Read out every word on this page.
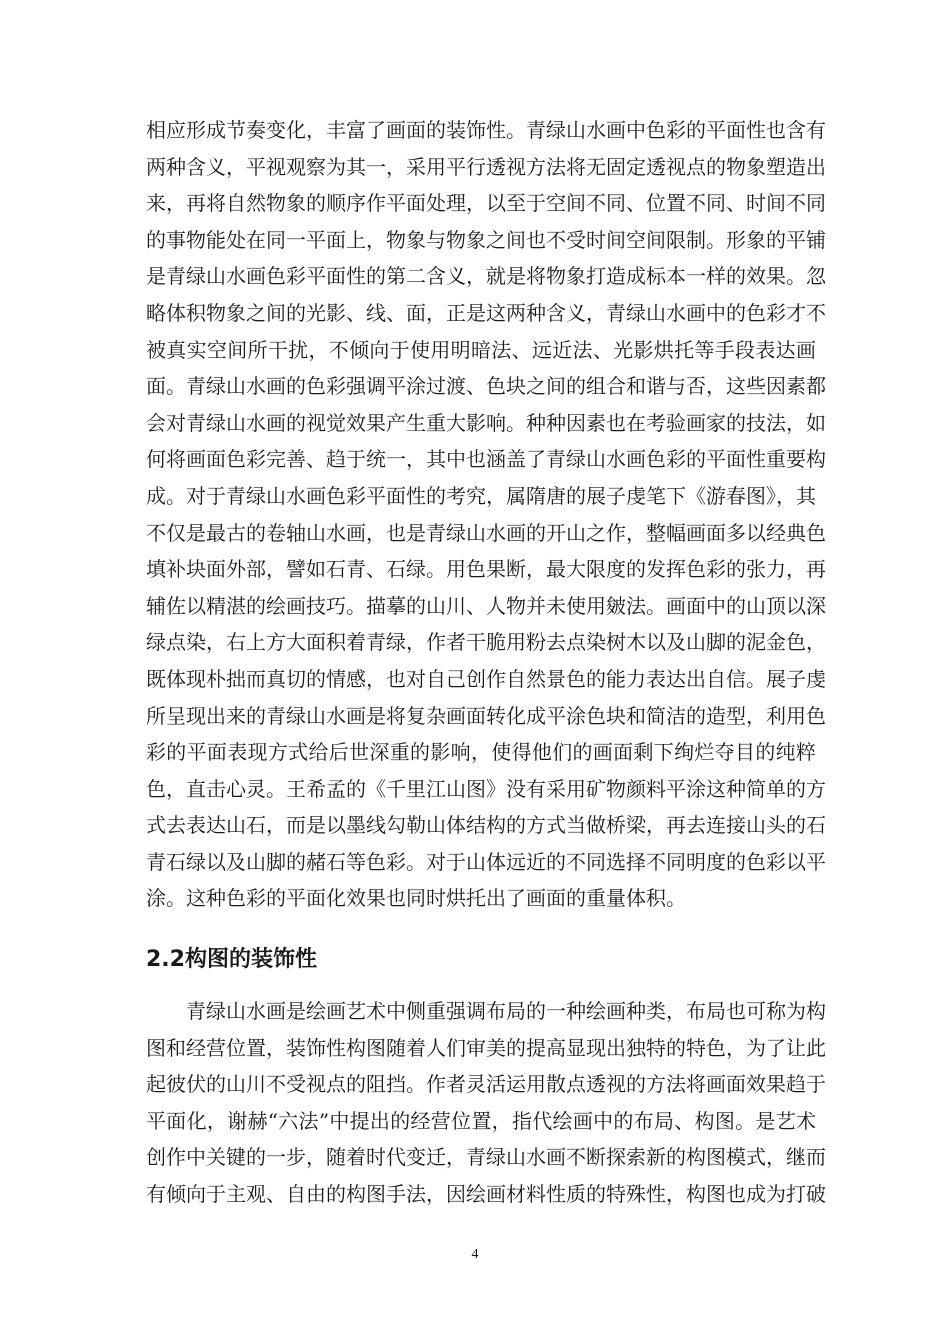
相应形成节奏变化，丰富了画面的装饰性。青绿山水画中色彩的平面性也含有
两种含义，平视观察为其一，采用平行透视方法将无固定透视点的物象塑造出
来，再将自然物象的顺序作平面处理，以至于空间不同、位置不同、时间不同
的事物能处在同一平面上，物象与物象之间也不受时间空间限制。形象的平铺
是青绿山水画色彩平面性的第二含义，就是将物象打造成标本一样的效果。忽
略体积物象之间的光影、线、面，正是这两种含义，青绿山水画中的色彩才不
被真实空间所干扰，不倾向于使用明暗法、远近法、光影烘托等手段表达画
面。青绿山水画的色彩强调平涂过渡、色块之间的组合和谐与否，这些因素都
会对青绿山水画的视觉效果产生重大影响。种种因素也在考验画家的技法，如
何将画面色彩完善、趋于统一，其中也涵盖了青绿山水画色彩的平面性重要构
成。对于青绿山水画色彩平面性的考究，属隋唐的展子虔笔下《游春图》，其
不仅是最古的卷轴山水画，也是青绿山水画的开山之作，整幅画面多以经典色
填补块面外部，譬如石青、石绿。用色果断，最大限度的发挥色彩的张力，再
辅佐以精湛的绘画技巧。描摹的山川、人物并未使用皴法。画面中的山顶以深
绿点染，右上方大面积着青绿，作者干脆用粉去点染树木以及山脚的泥金色，
既体现朴拙而真切的情感，也对自己创作自然景色的能力表达出自信。展子虔
所呈现出来的青绿山水画是将复杂画面转化成平涂色块和简洁的造型，利用色
彩的平面表现方式给后世深重的影响，使得他们的画面剩下绚烂夺目的纯粹
色，直击心灵。王希孟的《千里江山图》没有采用矿物颜料平涂这种简单的方
式去表达山石，而是以墨线勾勒山体结构的方式当做桥梁，再去连接山头的石
青石绿以及山脚的赭石等色彩。对于山体远近的不同选择不同明度的色彩以平
涂。这种色彩的平面化效果也同时烘托出了画面的重量体积。
2.2构图的装饰性
青绿山水画是绘画艺术中侧重强调布局的一种绘画种类，布局也可称为构
图和经营位置，装饰性构图随着人们审美的提高显现出独特的特色，为了让此
起彼伏的山川不受视点的阻挡。作者灵活运用散点透视的方法将画面效果趋于
平面化，谢赫“六法”中提出的经营位置，指代绘画中的布局、构图。是艺术
创作中关键的一步，随着时代变迁，青绿山水画不断探索新的构图模式，继而
有倾向于主观、自由的构图手法，因绘画材料性质的特殊性，构图也成为打破
4
